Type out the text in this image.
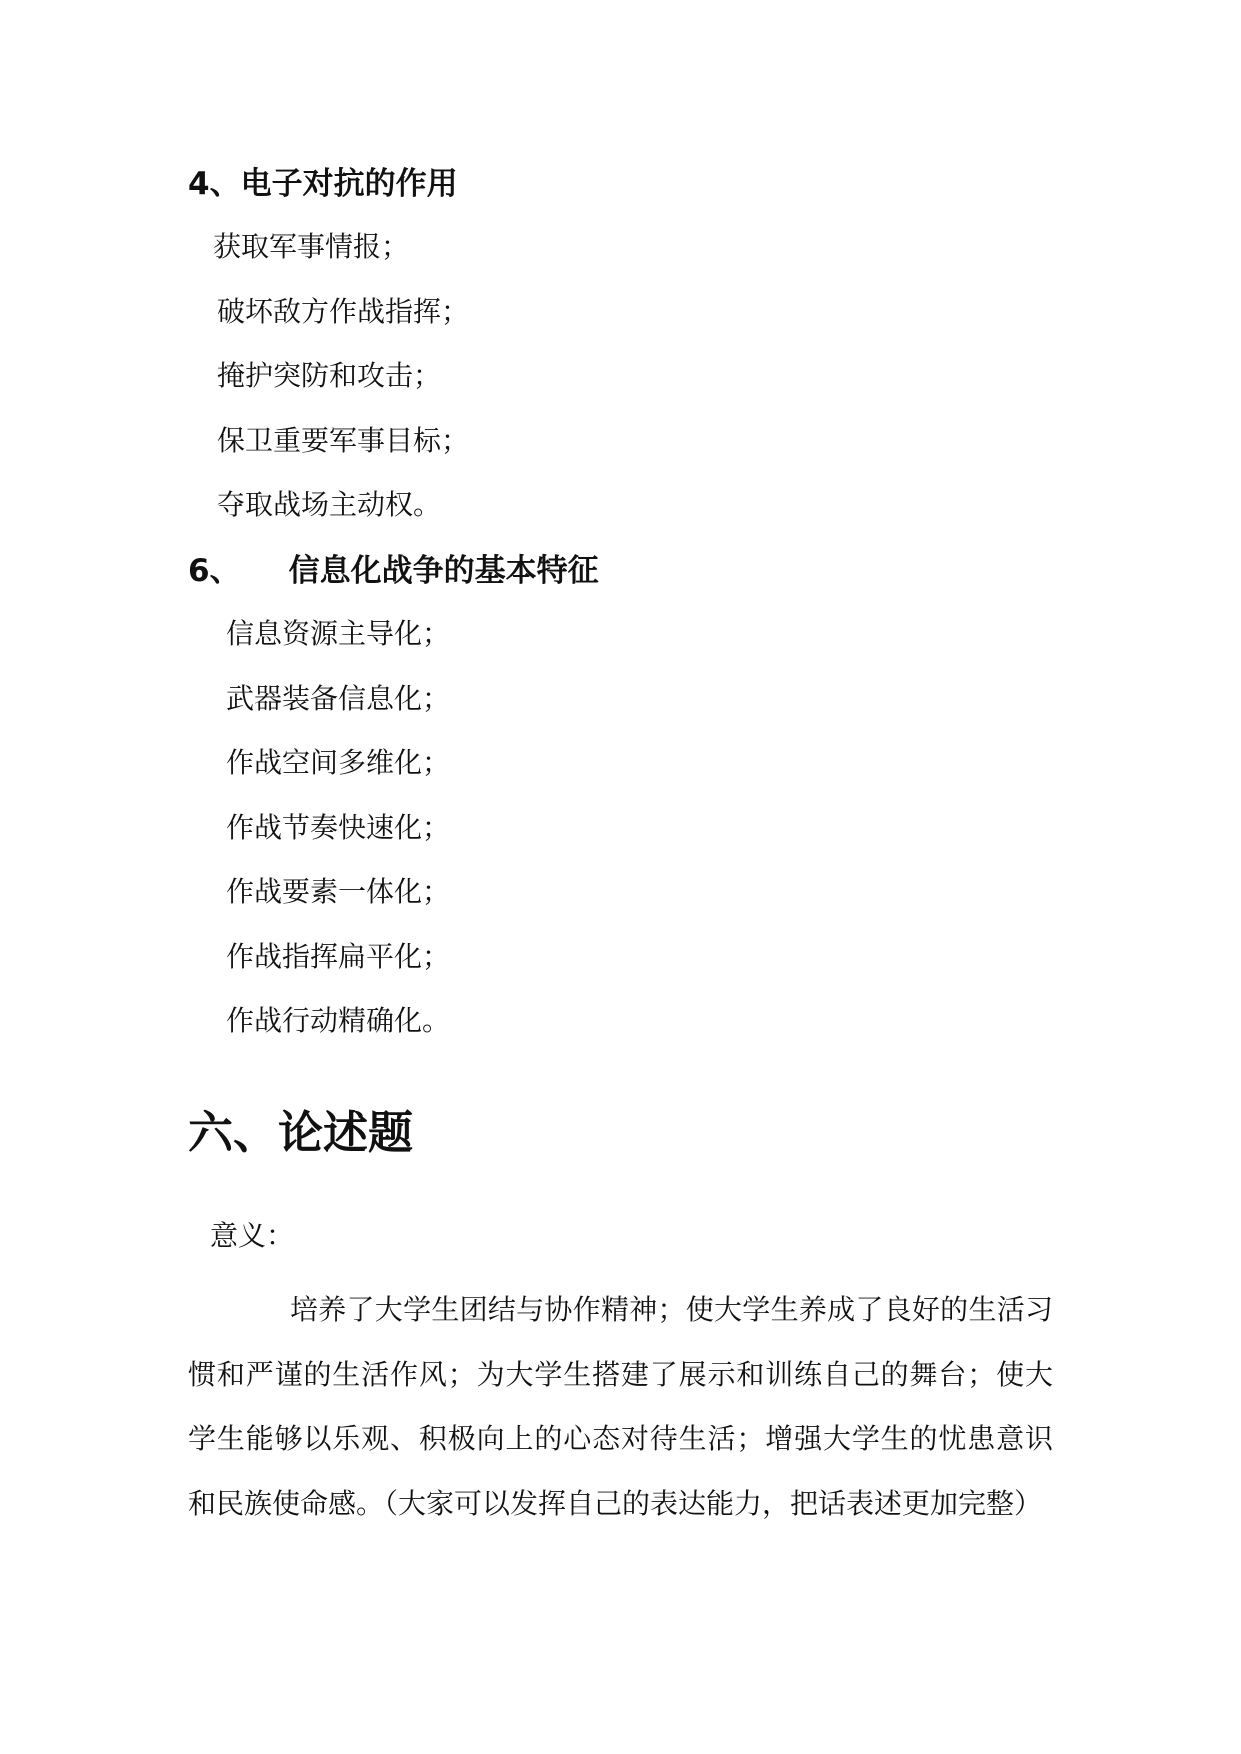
4、电子对抗的作用
获取军事情报；
破坏敌方作战指挥；
掩护突防和攻击；
保卫重要军事目标；
夺取战场主动权。
6、 信息化战争的基本特征
信息资源主导化；
武器装备信息化；
作战空间多维化；
作战节奏快速化；
作战要素一体化；
作战指挥扁平化；
作战行动精确化。
六、论述题
意义：

培养了大学生团结与协作精神；使大学生养成了良好的生活习惯和严谨的生活作风；为大学生搭建了展示和训练自己的舞台；使大学生能够以乐观、积极向上的心态对待生活；增强大学生的忧患意识和民族使命感。（大家可以发挥自己的表达能力，把话表述更加完整）
